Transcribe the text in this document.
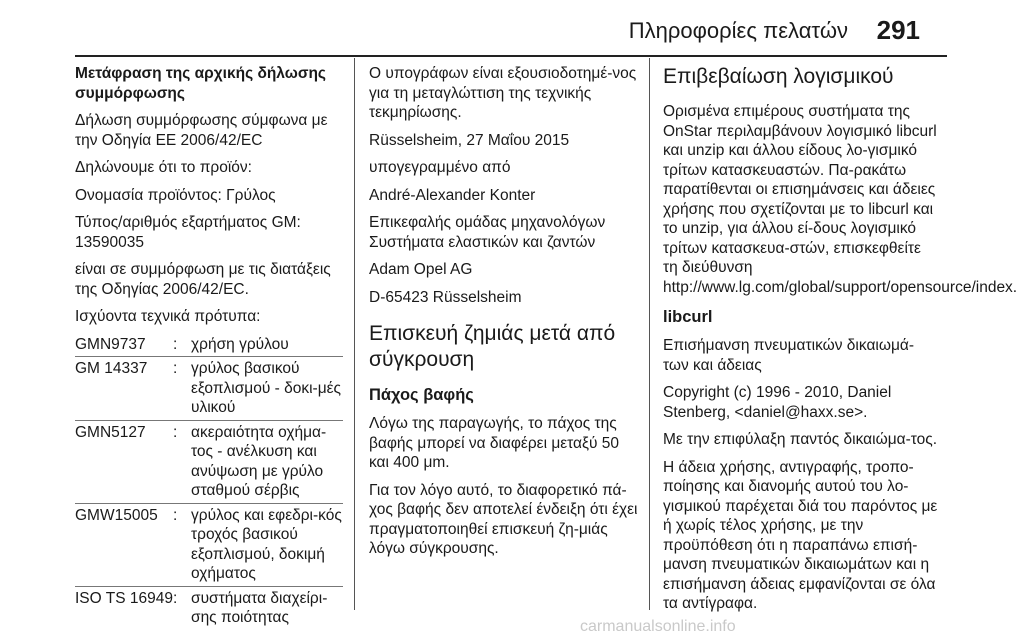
Πληροφορίες πελατών 291

Μετάφραση της αρχικής δήλωσης συμμόρφωσης

Δήλωση συμμόρφωσης σύμφωνα με την Οδηγία ΕΕ 2006/42/EC

Δηλώνουμε ότι το προϊόν:

Ονομασία προϊόντος: Γρύλος

Τύπος/αριθμός εξαρτήματος GM: 13590035

είναι σε συμμόρφωση με τις διατάξεις της Οδηγίας 2006/42/EC.

Ισχύοντα τεχνικά πρότυπα:

GMN9737	: χρήση γρύλου
GM 14337	: γρύλος βασικού εξοπλισμού - δοκι-μές υλικού
GMN5127	: ακεραιότητα οχήμα-τος - ανέλκυση και ανύψωση με γρύλο σταθμού σέρβις
GMW15005 : γρύλος και εφεδρι-κός τροχός βασικού εξοπλισμού, δοκιμή οχήματος
ISO TS 16949 : συστήματα διαχείρι-σης ποιότητας

Ο υπογράφων είναι εξουσιοδοτημέ-νος για τη μεταγλώττιση της τεχνικής τεκμηρίωσης.

Rüsselsheim, 27 Μαΐου 2015

υπογεγραμμένο από

André-Alexander Konter

Επικεφαλής ομάδας μηχανολόγων Συστήματα ελαστικών και ζαντών

Adam Opel AG

D-65423 Rüsselsheim

Επισκευή ζημιάς μετά από σύγκρουση
Πάχος βαφής

Λόγω της παραγωγής, το πάχος της βαφής μπορεί να διαφέρει μεταξύ 50 και 400 μm.

Για τον λόγο αυτό, το διαφορετικό πά-χος βαφής δεν αποτελεί ένδειξη ότι έχει πραγματοποιηθεί επισκευή ζη-μιάς λόγω σύγκρουσης.

Επιβεβαίωση λογισμικού

Ορισμένα επιμέρους συστήματα της OnStar περιλαμβάνουν λογισμικό libcurl και unzip και άλλου είδους λο-γισμικό τρίτων κατασκευαστών. Πα-ρακάτω παρατίθενται οι επισημάνσεις και άδειες χρήσης που σχετίζονται με το libcurl και το unzip, για άλλου εί-δους λογισμικό τρίτων κατασκευα-στών, επισκεφθείτε τη διεύθυνση http://www.lg.com/global/support/opensource/index.

libcurl

Επισήμανση πνευματικών δικαιωμά-των και άδειας

Copyright (c) 1996 - 2010, Daniel Stenberg, <daniel@haxx.se>.

Με την επιφύλαξη παντός δικαιώμα-τος.

Η άδεια χρήσης, αντιγραφής, τροπο-ποίησης και διανομής αυτού του λο-γισμικού παρέχεται διά του παρόντος με ή χωρίς τέλος χρήσης, με την προϋπόθεση ότι η παραπάνω επισή-μανση πνευματικών δικαιωμάτων και η επισήμανση άδειας εμφανίζονται σε όλα τα αντίγραφα.

carmanualsonline.info
